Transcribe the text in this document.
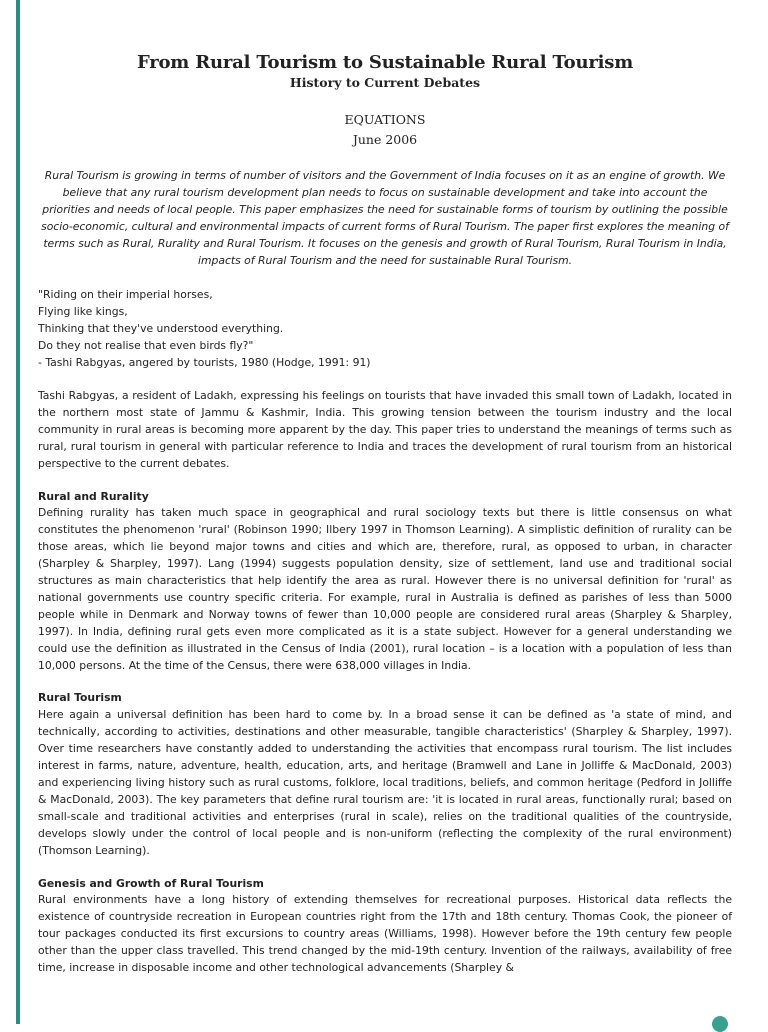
From Rural Tourism to Sustainable Rural Tourism
History to Current Debates

EQUATIONS

June 2006

Rural Tourism is growing in terms of number of visitors and the Government of India focuses on it as an engine of growth. We believe that any rural tourism development plan needs to focus on sustainable development and take into account the priorities and needs of local people. This paper emphasizes the need for sustainable forms of tourism by outlining the possible socio-economic, cultural and environmental impacts of current forms of Rural Tourism. The paper first explores the meaning of terms such as Rural, Rurality and Rural Tourism. It focuses on the genesis and growth of Rural Tourism, Rural Tourism in India, impacts of Rural Tourism and the need for sustainable Rural Tourism.

"Riding on their imperial horses,
Flying like kings,
Thinking that they've understood everything.
Do they not realise that even birds fly?"
- Tashi Rabgyas, angered by tourists, 1980 (Hodge, 1991: 91)

Tashi Rabgyas, a resident of Ladakh, expressing his feelings on tourists that have invaded this small town of Ladakh, located in the northern most state of Jammu & Kashmir, India. This growing tension between the tourism industry and the local community in rural areas is becoming more apparent by the day. This paper tries to understand the meanings of terms such as rural, rural tourism in general with particular reference to India and traces the development of rural tourism from an historical perspective to the current debates.

Rural and Rurality

Defining rurality has taken much space in geographical and rural sociology texts but there is little consensus on what constitutes the phenomenon 'rural' (Robinson 1990; Ilbery 1997 in Thomson Learning). A simplistic definition of rurality can be those areas, which lie beyond major towns and cities and which are, therefore, rural, as opposed to urban, in character (Sharpley & Sharpley, 1997). Lang (1994) suggests population density, size of settlement, land use and traditional social structures as main characteristics that help identify the area as rural. However there is no universal definition for 'rural' as national governments use country specific criteria. For example, rural in Australia is defined as parishes of less than 5000 people while in Denmark and Norway towns of fewer than 10,000 people are considered rural areas (Sharpley & Sharpley, 1997). In India, defining rural gets even more complicated as it is a state subject. However for a general understanding we could use the definition as illustrated in the Census of India (2001), rural location – is a location with a population of less than 10,000 persons. At the time of the Census, there were 638,000 villages in India.

Rural Tourism

Here again a universal definition has been hard to come by. In a broad sense it can be defined as 'a state of mind, and technically, according to activities, destinations and other measurable, tangible characteristics' (Sharpley & Sharpley, 1997). Over time researchers have constantly added to understanding the activities that encompass rural tourism. The list includes interest in farms, nature, adventure, health, education, arts, and heritage (Bramwell and Lane in Jolliffe & MacDonald, 2003) and experiencing living history such as rural customs, folklore, local traditions, beliefs, and common heritage (Pedford in Jolliffe & MacDonald, 2003). The key parameters that define rural tourism are: 'it is located in rural areas, functionally rural; based on small-scale and traditional activities and enterprises (rural in scale), relies on the traditional qualities of the countryside, develops slowly under the control of local people and is non-uniform (reflecting the complexity of the rural environment) (Thomson Learning).

Genesis and Growth of Rural Tourism

Rural environments have a long history of extending themselves for recreational purposes. Historical data reflects the existence of countryside recreation in European countries right from the 17th and 18th century. Thomas Cook, the pioneer of tour packages conducted its first excursions to country areas (Williams, 1998). However before the 19th century few people other than the upper class travelled. This trend changed by the mid-19th century. Invention of the railways, availability of free time, increase in disposable income and other technological advancements (Sharpley &
